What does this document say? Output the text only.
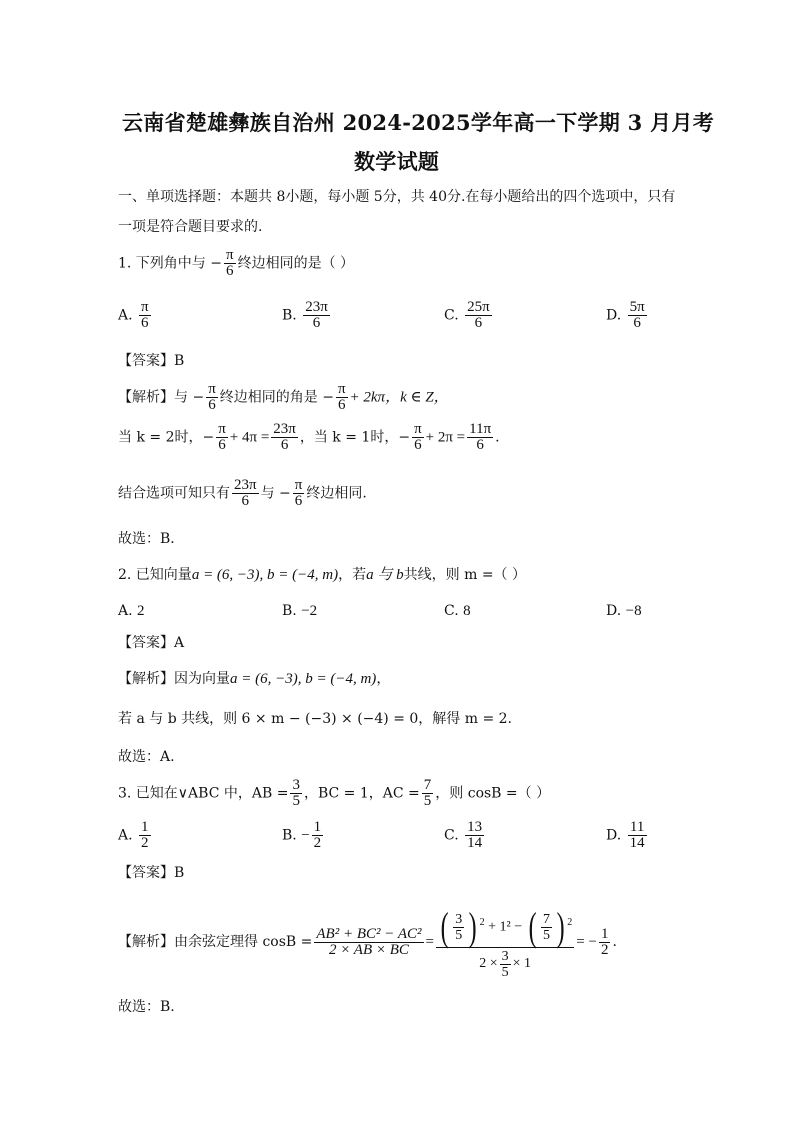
云南省楚雄彝族自治州 2024-2025学年高一下学期 3 月月考
数学试题
一、单项选择题：本题共 8小题，每小题 5分，共 40分.在每小题给出的四个选项中，只有
一项是符合题目要求的.
1. 下列角中与 − $\frac{\pi}{6}$ 终边相同的是（ ）
A. $\frac{\pi}{6}$	B. $\frac{23\pi}{6}$	C. $\frac{25\pi}{6}$	D. $\frac{5\pi}{6}$
【答案】B
【解析】与 − $\frac{\pi}{6}$ 终边相同的角是 − $\frac{\pi}{6} + 2k\pi$，k ∈ Z，
当 k = 2时，− $\frac{\pi}{6} + 4\pi = \frac{23\pi}{6}$ ，当 k = 1时，− $\frac{\pi}{6} + 2\pi = \frac{11\pi}{6}$ .
结合选项可知只有 $\frac{23\pi}{6}$ 与 − $\frac{\pi}{6}$ 终边相同.
故选：B．
2. 已知向量a = (6, −3), b = (−4, m)，若a 与 b共线，则 m =（ ）
A. 2	B. −2	C. 8	D. −8
【答案】A
【解析】因为向量a = (6, −3), b = (−4, m)，
若 a 与 b 共线，则 6 × m − (−3) × (−4) = 0，解得 m = 2.
故选：A.
3. 已知在∨ABC 中，AB = $\frac{3}{5}$ ，BC = 1，AC = $\frac{7}{5}$ ，则 cosB =（ ）
A. $\frac{1}{2}$	B. − $\frac{1}{2}$	C. $\frac{13}{14}$	D. $\frac{11}{14}$
【答案】B
【解析】由余弦定理得 $\cos B = \frac{\text{AB² + BC² − AC²}}{2 \times AB \times BC} = \frac{( \frac{3}{5} ) ^2 + 1^2 - ( \frac{7}{5} ) ^2}{2 \times \frac{3}{5} \times 1}$ = − $\frac{1}{2}$ .
故选：B.
